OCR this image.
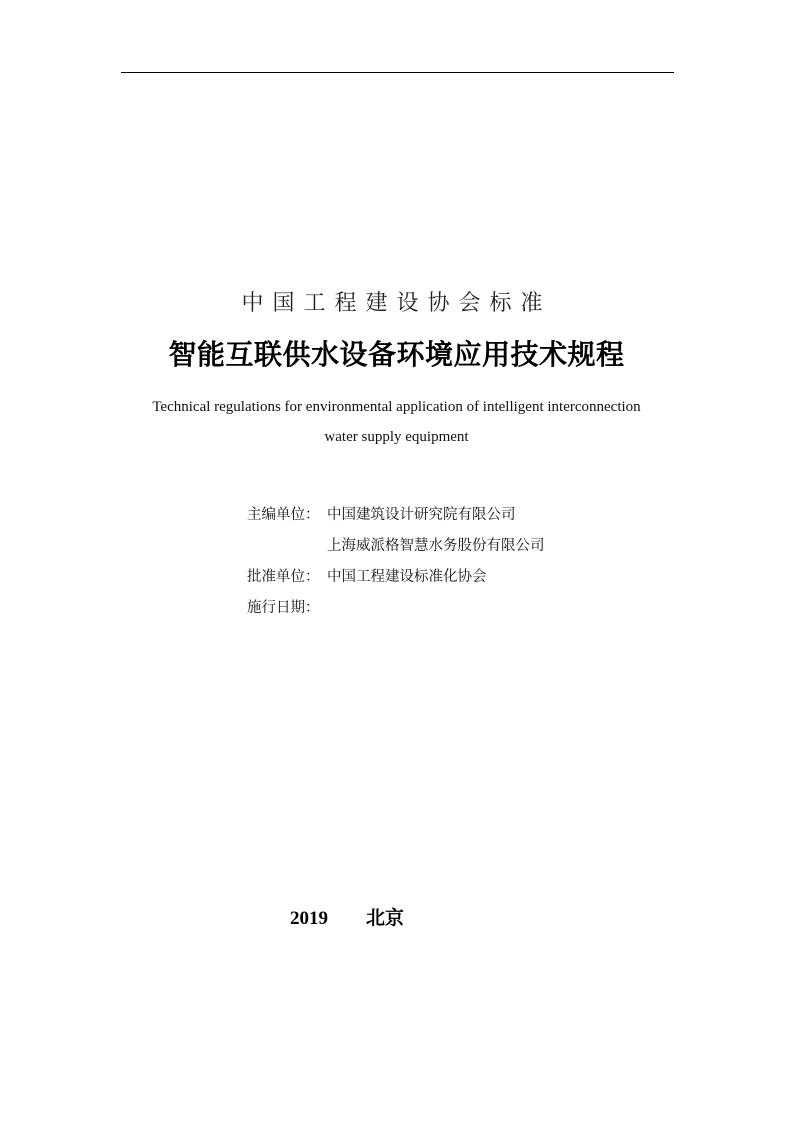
中国工程建设协会标准
智能互联供水设备环境应用技术规程
Technical regulations for environmental application of intelligent interconnection
water supply equipment
主编单位： 中国建筑设计研究院有限公司
上海威派格智慧水务股份有限公司
批准单位： 中国工程建设标准化协会
施行日期：
2019 北京
